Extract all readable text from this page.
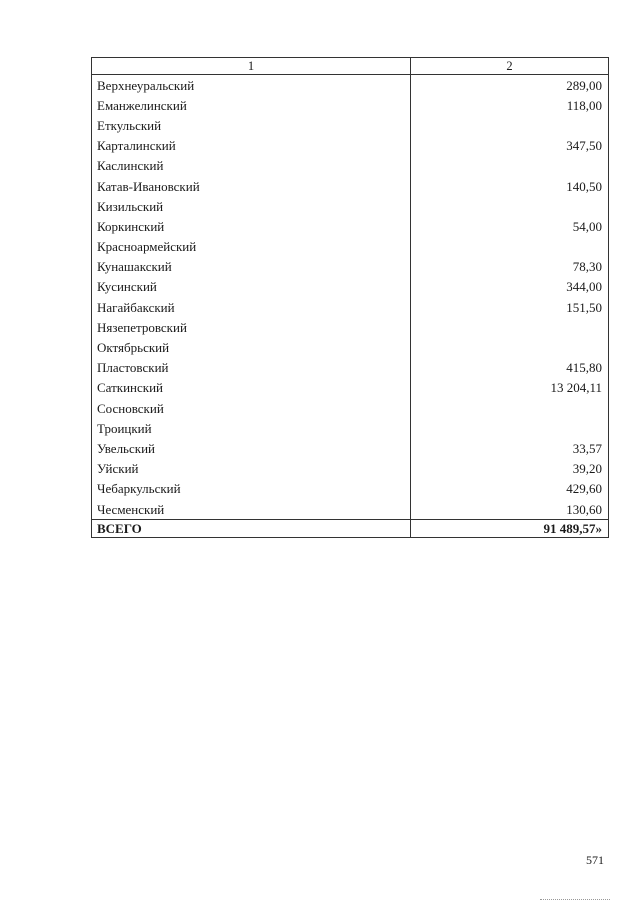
1	2
Верхнеуральский	289,00
Еманжелинский	118,00
Еткульский	
Карталинский	347,50
Каслинский	
Катав-Ивановский	140,50
Кизильский	
Коркинский	54,00
Красноармейский	
Кунашакский	78,30
Кусинский	344,00
Нагайбакский	151,50
Нязепетровский	
Октябрьский	
Пластовский	415,80
Саткинский	13 204,11
Сосновский	
Троицкий	
Увельский	33,57
Уйский	39,20
Чебаркульский	429,60
Чесменский	130,60
ВСЕГО	91 489,57»
571
